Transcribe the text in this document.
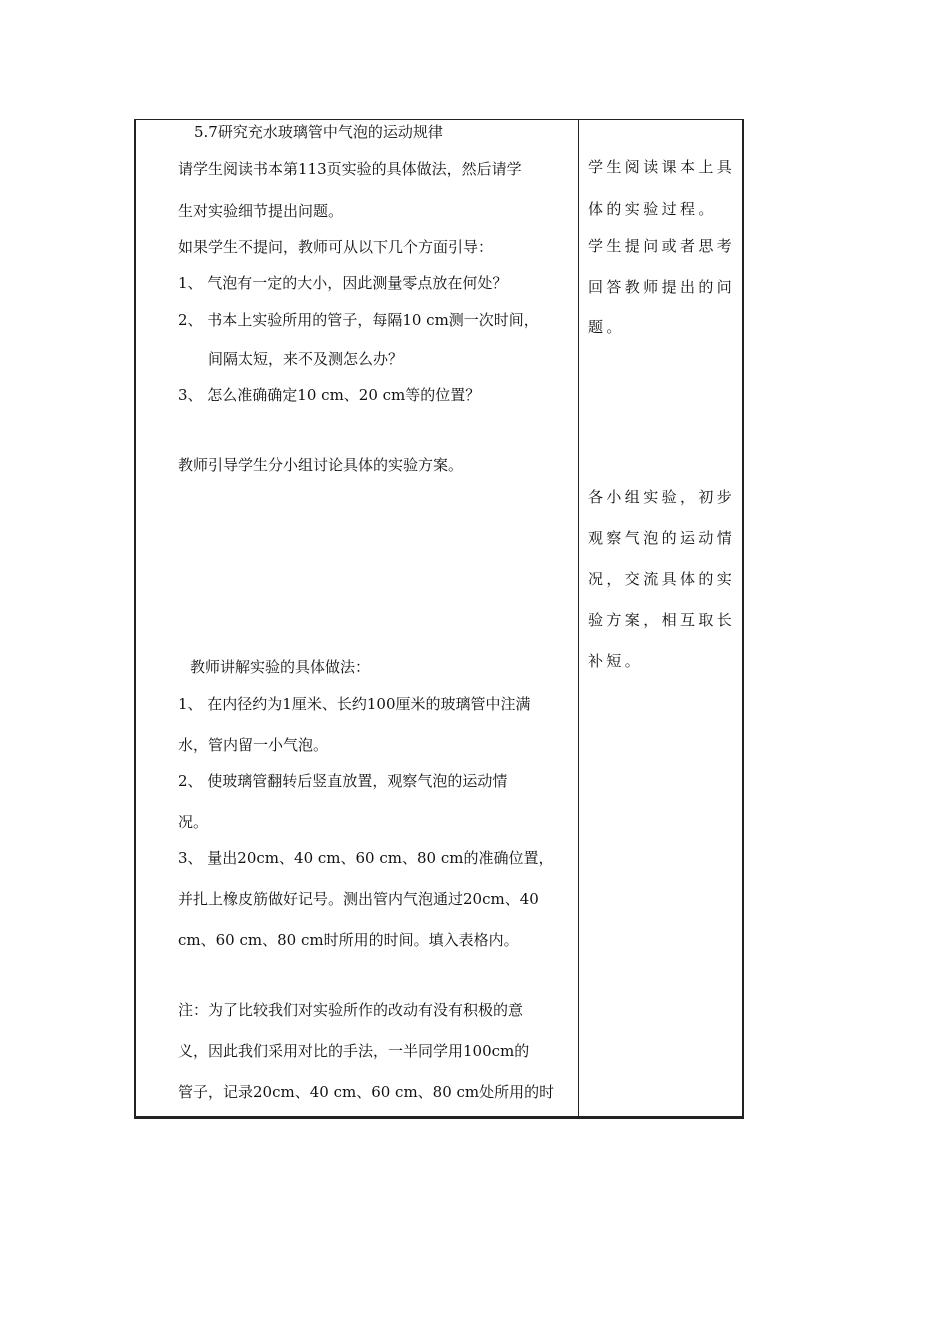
5.7研究充水玻璃管中气泡的运动规律
请学生阅读书本第113页实验的具体做法，然后请学
生对实验细节提出问题。
如果学生不提问，教师可从以下几个方面引导：
1、 气泡有一定的大小，因此测量零点放在何处？
2、 书本上实验所用的管子，每隔10 cm测一次时间，
间隔太短，来不及测怎么办？
3、 怎么准确确定10 cm、20 cm等的位置？
教师引导学生分小组讨论具体的实验方案。
教师讲解实验的具体做法：
1、 在内径约为1厘米、长约100厘米的玻璃管中注满
水，管内留一小气泡。
2、 使玻璃管翻转后竖直放置，观察气泡的运动情
况。
3、 量出20cm、40 cm、60 cm、80 cm的准确位置，
并扎上橡皮筋做好记号。测出管内气泡通过20cm、40
cm、60 cm、80 cm时所用的时间。填入表格内。
注：为了比较我们对实验所作的改动有没有积极的意
义，因此我们采用对比的手法，一半同学用100cm的
管子，记录20cm、40 cm、60 cm、80 cm处所用的时
学生阅读课本上具
体的实验过程。
学生提问或者思考
回答教师提出的问
题。
各小组实验，初步
观察气泡的运动情
况，交流具体的实
验方案，相互取长
补短。
